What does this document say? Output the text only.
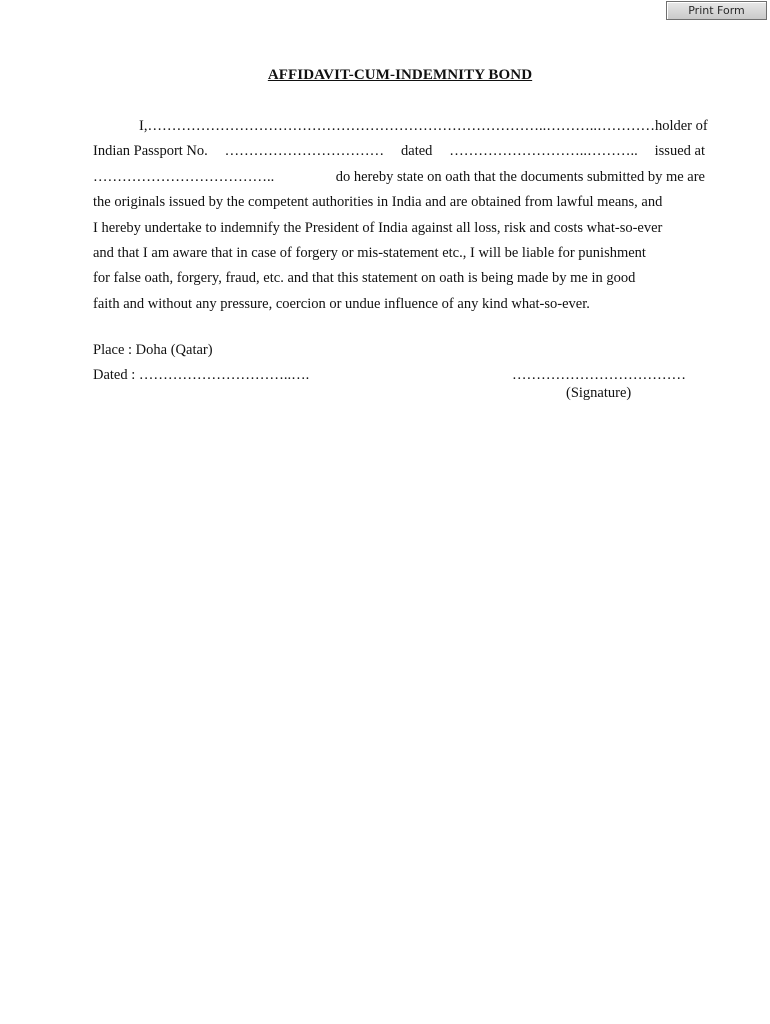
Print Form
AFFIDAVIT-CUM-INDEMNITY BOND
I, ………………………………………………………………………..………..………… holder of
Indian Passport No. …………………………… dated ………………………..……….. issued at
………………………………..	do hereby state on oath that the documents submitted by me are
the originals issued by the competent authorities in India and are obtained from lawful means, and
I hereby undertake to indemnify the President of India against all loss, risk and costs what-so-ever
and that I am aware that in case of forgery or mis-statement etc., I will be liable for punishment
for false oath, forgery, fraud, etc. and that this statement on oath is being made by me in good
faith and without any pressure, coercion or undue influence of any kind what-so-ever.
Place : Doha (Qatar)
Dated : …………………………..….	………………………………
(Signature)
